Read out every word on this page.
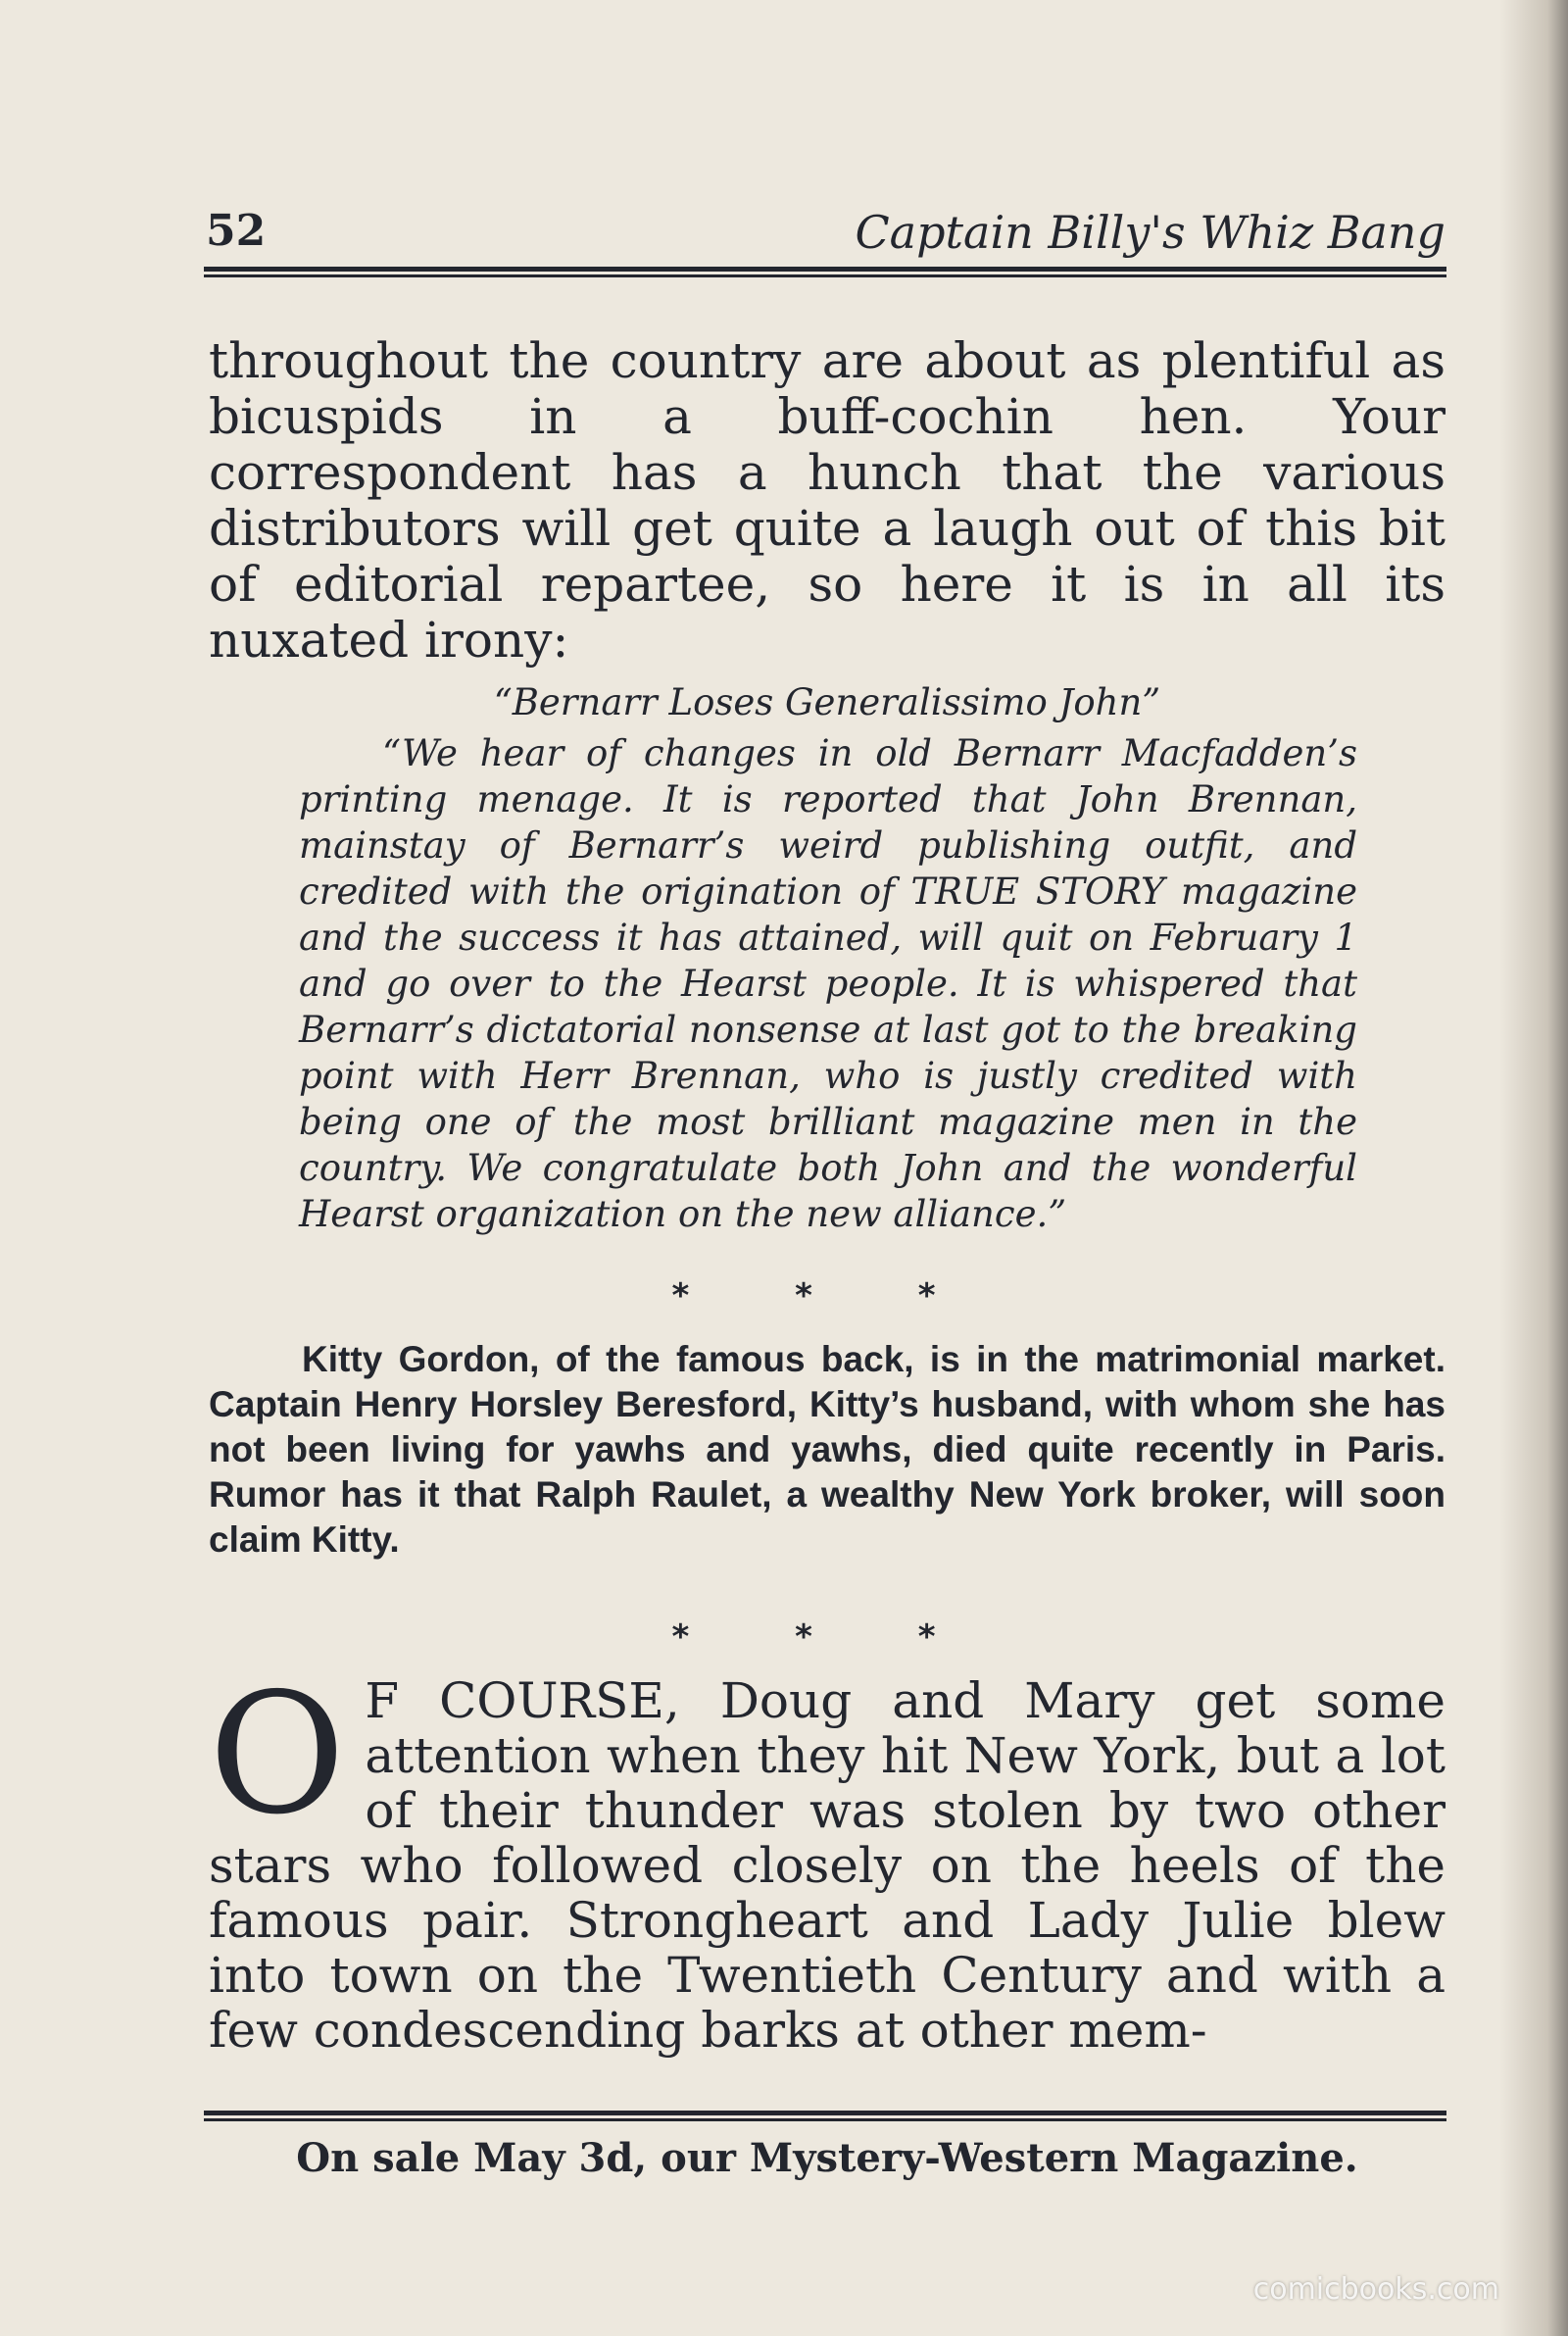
52	Captain Billy's Whiz Bang

throughout the country are about as plentiful as bicuspids in a buff-cochin hen. Your correspondent has a hunch that the various distributors will get quite a laugh out of this bit of editorial repartee, so here it is in all its nuxated irony:

“Bernarr Loses Generalissimo John”

“We hear of changes in old Bernarr Macfadden’s printing menage. It is reported that John Brennan, mainstay of Bernarr’s weird publishing outfit, and credited with the origination of TRUE STORY magazine and the success it has attained, will quit on February 1 and go over to the Hearst people. It is whispered that Bernarr’s dictatorial nonsense at last got to the breaking point with Herr Brennan, who is justly credited with being one of the most brilliant magazine men in the country. We congratulate both John and the wonderful Hearst organization on the new alliance.”

* * *

Kitty Gordon, of the famous back, is in the matrimonial market. Captain Henry Horsley Beresford, Kitty’s husband, with whom she has not been living for yawhs and yawhs, died quite recently in Paris. Rumor has it that Ralph Raulet, a wealthy New York broker, will soon claim Kitty.

* * *

O F COURSE, Doug and Mary get some attention when they hit New York, but a lot of their thunder was stolen by two other stars who followed closely on the heels of the famous pair. Strongheart and Lady Julie blew into town on the Twentieth Century and with a few condescending barks at other mem-

On sale May 3d, our Mystery-Western Magazine.

comicbooks.com
